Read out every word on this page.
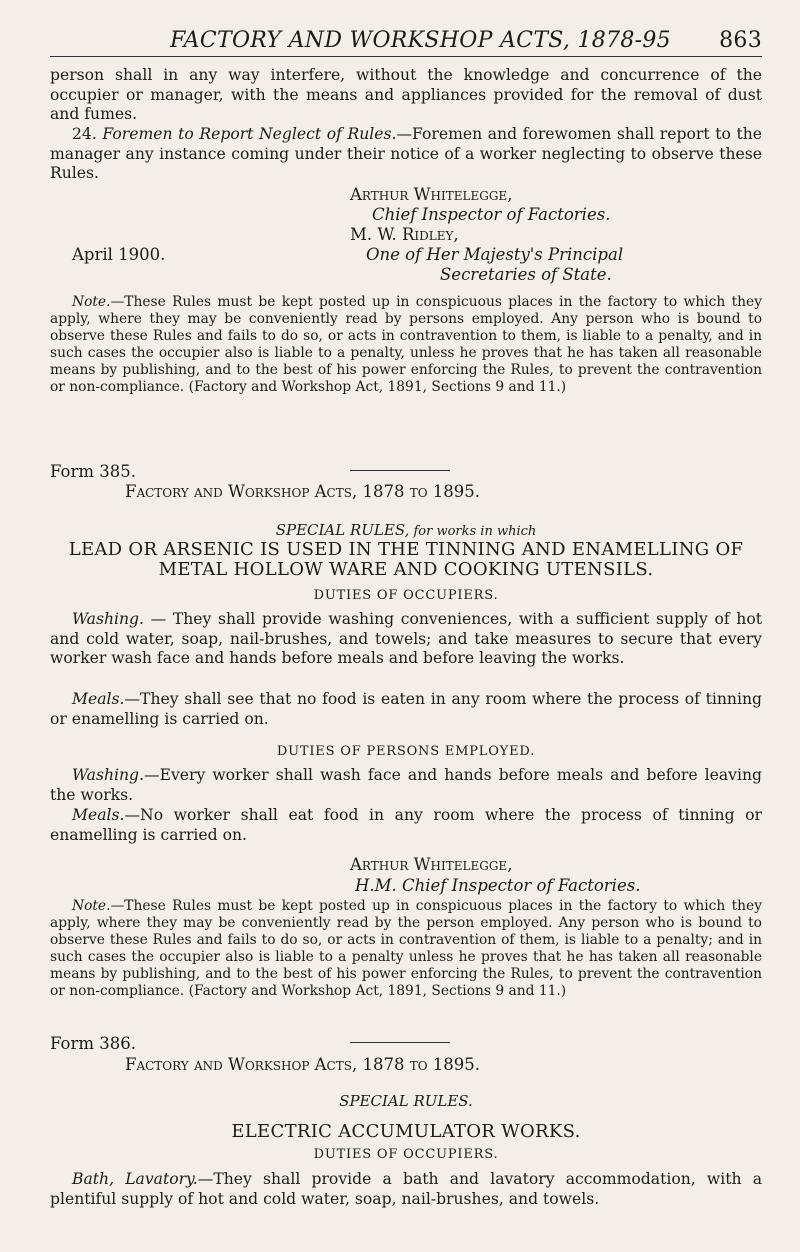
FACTORY AND WORKSHOP ACTS, 1878-95 863

person shall in any way interfere, without the knowledge and concurrence of the occupier or manager, with the means and appliances provided for the removal of dust and fumes.

24. Foremen to Report Neglect of Rules.—Foremen and forewomen shall report to the manager any instance coming under their notice of a worker neglecting to observe these Rules.

Arthur Whitelegge,
Chief Inspector of Factories.
M. W. Ridley,
April 1900.	One of Her Majesty's Principal
Secretaries of State.

Note.—These Rules must be kept posted up in conspicuous places in the factory to which they apply, where they may be conveniently read by persons employed. Any person who is bound to observe these Rules and fails to do so, or acts in contravention to them, is liable to a penalty, and in such cases the occupier also is liable to a penalty, unless he proves that he has taken all reasonable means by publishing, and to the best of his power enforcing the Rules, to prevent the contravention or non-compliance. (Factory and Workshop Act, 1891, Sections 9 and 11.)

Form 385.
Factory and Workshop Acts, 1878 to 1895.
SPECIAL RULES, for works in which
LEAD OR ARSENIC IS USED IN THE TINNING AND ENAMELLING OF METAL HOLLOW WARE AND COOKING UTENSILS.
DUTIES OF OCCUPIERS.

Washing. — They shall provide washing conveniences, with a sufficient supply of hot and cold water, soap, nail-brushes, and towels; and take measures to secure that every worker wash face and hands before meals and before leaving the works.

Meals.—They shall see that no food is eaten in any room where the process of tinning or enamelling is carried on.

DUTIES OF PERSONS EMPLOYED.

Washing.—Every worker shall wash face and hands before meals and before leaving the works.

Meals.—No worker shall eat food in any room where the process of tinning or enamelling is carried on.

Arthur Whitelegge,
H.M. Chief Inspector of Factories.

Note.—These Rules must be kept posted up in conspicuous places in the factory to which they apply, where they may be conveniently read by the person employed. Any person who is bound to observe these Rules and fails to do so, or acts in contravention of them, is liable to a penalty; and in such cases the occupier also is liable to a penalty unless he proves that he has taken all reasonable means by publishing, and to the best of his power enforcing the Rules, to prevent the contravention or non-compliance. (Factory and Workshop Act, 1891, Sections 9 and 11.)

Form 386.
Factory and Workshop Acts, 1878 to 1895.
SPECIAL RULES.
ELECTRIC ACCUMULATOR WORKS.
DUTIES OF OCCUPIERS.

Bath, Lavatory.—They shall provide a bath and lavatory accommodation, with a plentiful supply of hot and cold water, soap, nail-brushes, and towels.
